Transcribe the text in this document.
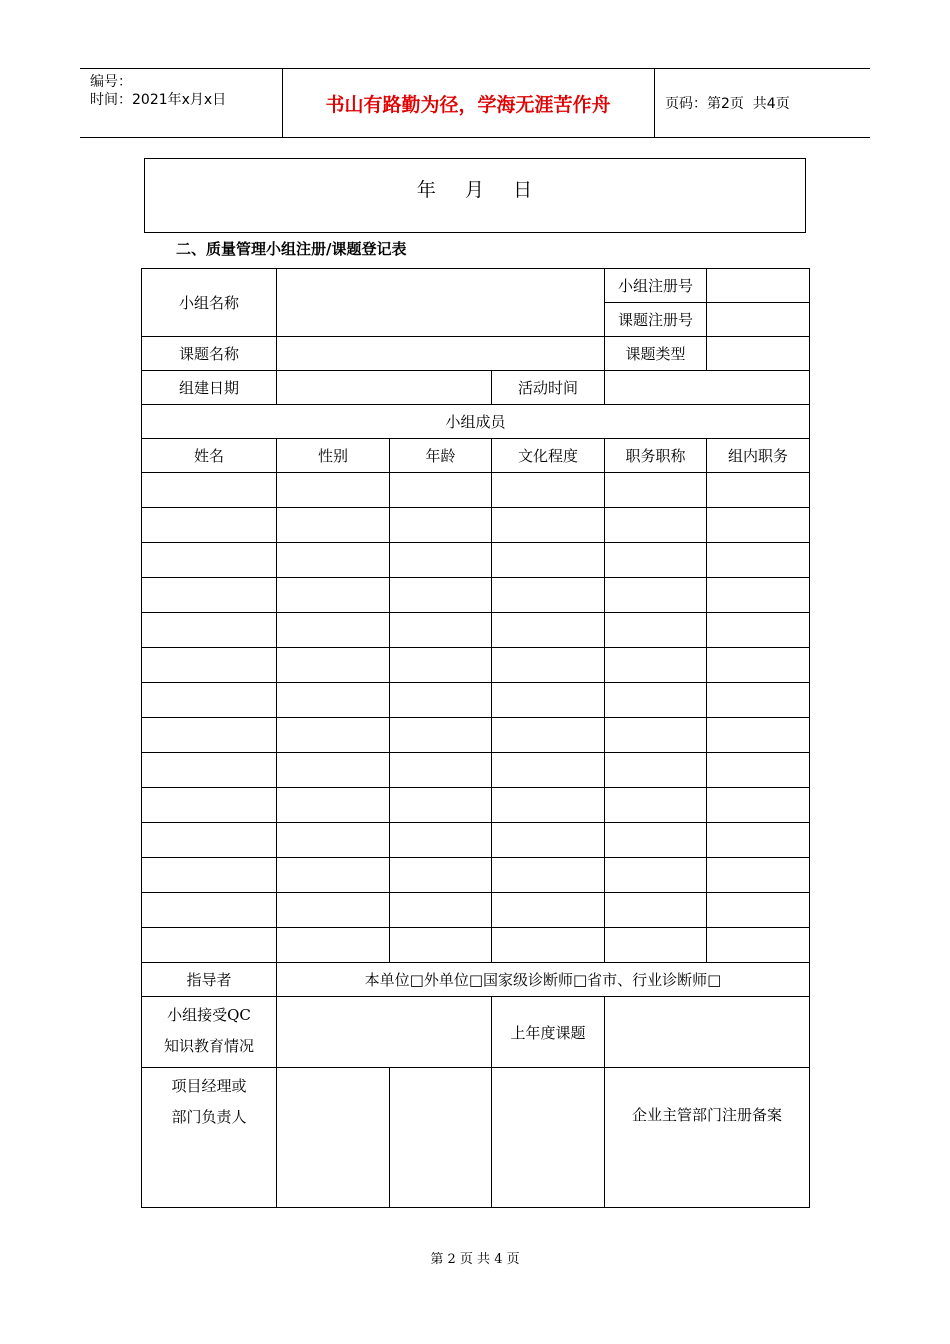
编号：
时间：2021年x月x日	书山有路勤为径，学海无涯苦作舟	页码：第2页  共4页
年    月    日
二、质量管理小组注册/课题登记表
小组名称				小组注册号	
				课题注册号	
课题名称				课题类型	
组建日期			活动时间		
小组成员					
姓名	性别	年龄	文化程度	职务职称	组内职务

指导者	本单位□外单位□国家级诊断师□省市、行业诊断师□				

小组接受QC
知识教育情况			上年度课题		

项目经理或
部门负责人				企业主管部门注册备案	
第 2 页 共 4 页
